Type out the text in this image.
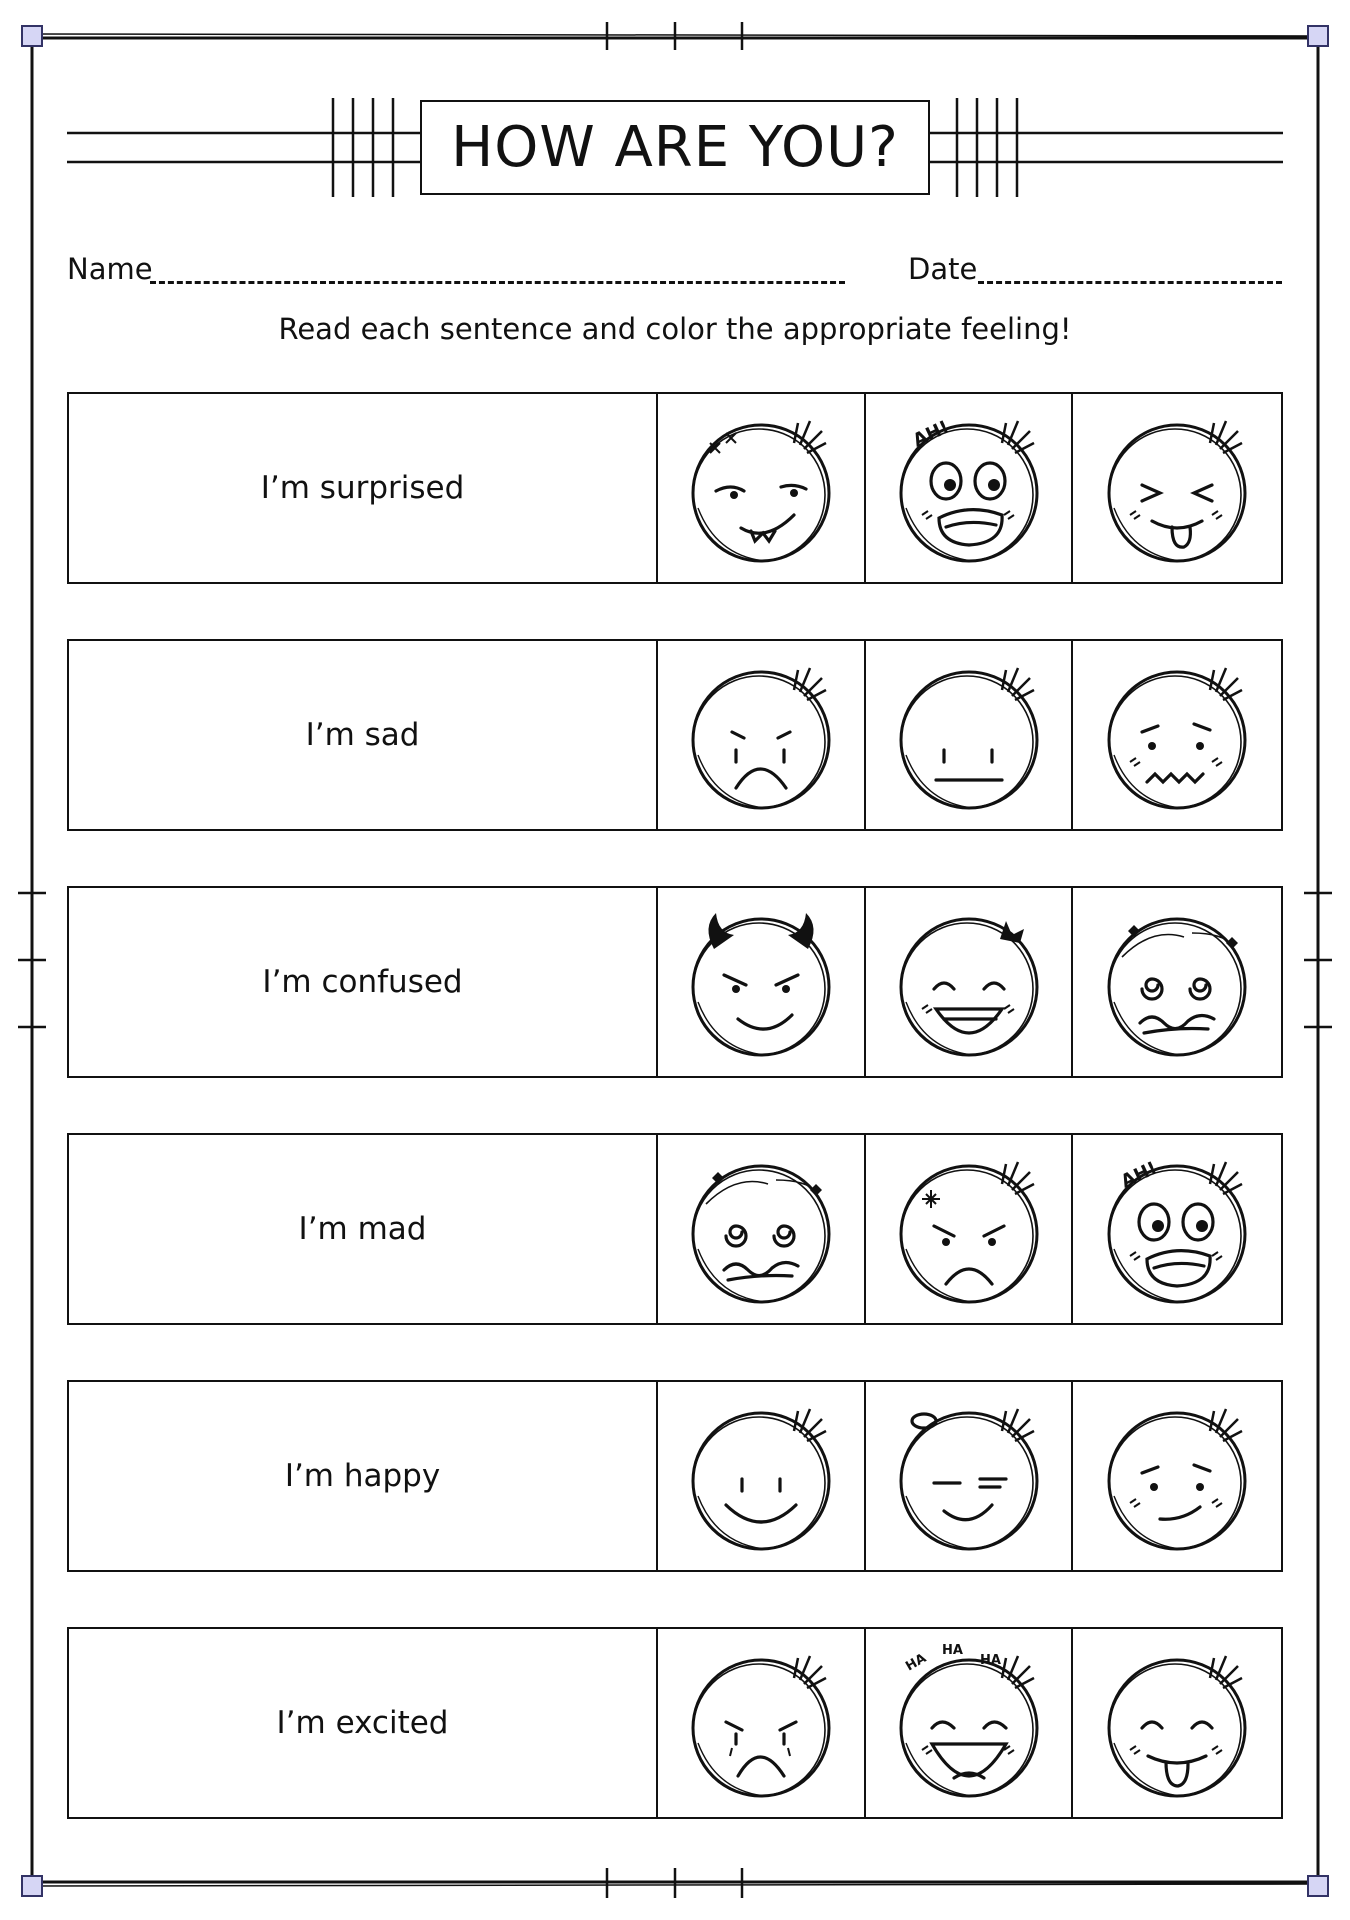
HOW ARE YOU?
Name	Date
Read each sentence and color the appropriate feeling!
I’m surprised
AH!
I’m sad
I’m confused
I’m mad
AH!
I’m happy
I’m excited
HA
HA
HA
